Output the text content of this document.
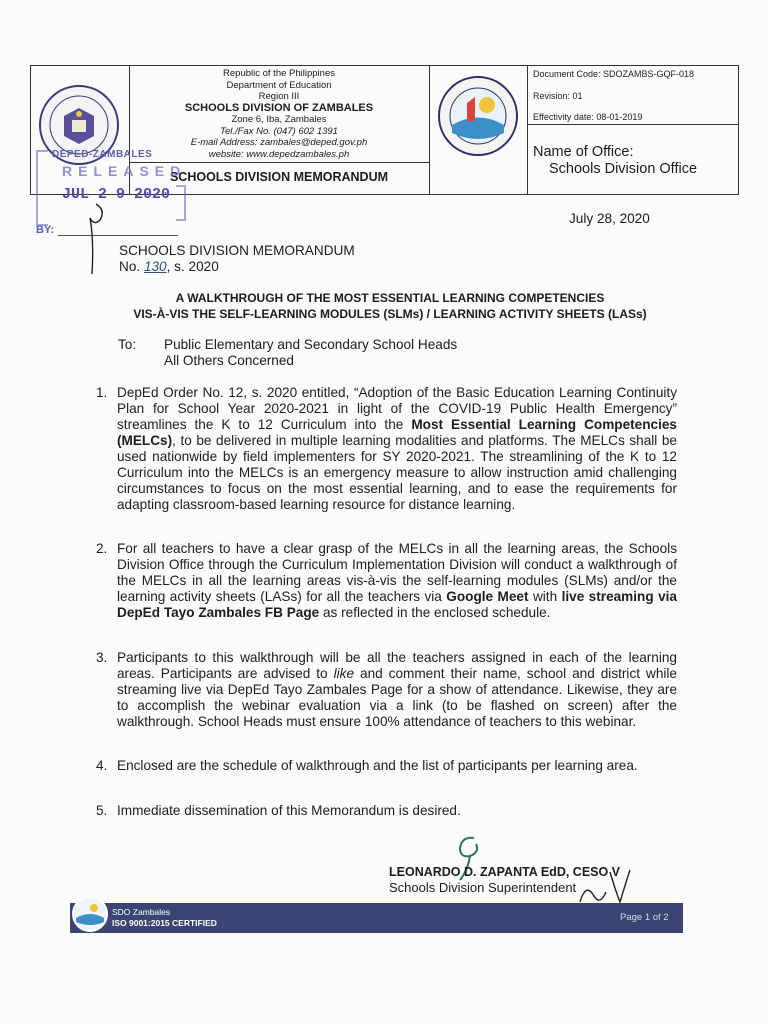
Republic of the Philippines
Department of Education
Region III
SCHOOLS DIVISION OF ZAMBALES
Zone 6, Iba, Zambales
Tel./Fax No. (047) 602 1391
E-mail Address: zambales@deped.gov.ph
website: www.depedzambales.ph
SCHOOLS DIVISION MEMORANDUM
Document Code: SDOZAMBS-GQF-018
Revision: 01
Effectivity date: 08-01-2019
Name of Office:
Schools Division Office
DEPED-ZAMBALES
RELEASED
JUL 2 9 2020
BY:
July 28, 2020
SCHOOLS DIVISION MEMORANDUM
No. 130, s. 2020
A WALKTHROUGH OF THE MOST ESSENTIAL LEARNING COMPETENCIES
VIS-À-VIS THE SELF-LEARNING MODULES (SLMs) / LEARNING ACTIVITY SHEETS (LASs)
To: Public Elementary and Secondary School Heads
All Others Concerned
1. DepEd Order No. 12, s. 2020 entitled, “Adoption of the Basic Education Learning Continuity Plan for School Year 2020-2021 in light of the COVID-19 Public Health Emergency” streamlines the K to 12 Curriculum into the Most Essential Learning Competencies (MELCs), to be delivered in multiple learning modalities and platforms. The MELCs shall be used nationwide by field implementers for SY 2020-2021. The streamlining of the K to 12 Curriculum into the MELCs is an emergency measure to allow instruction amid challenging circumstances to focus on the most essential learning, and to ease the requirements for adapting classroom-based learning resource for distance learning.
2. For all teachers to have a clear grasp of the MELCs in all the learning areas, the Schools Division Office through the Curriculum Implementation Division will conduct a walkthrough of the MELCs in all the learning areas vis-à-vis the self-learning modules (SLMs) and/or the learning activity sheets (LASs) for all the teachers via Google Meet with live streaming via DepEd Tayo Zambales FB Page as reflected in the enclosed schedule.
3. Participants to this walkthrough will be all the teachers assigned in each of the learning areas. Participants are advised to like and comment their name, school and district while streaming live via DepEd Tayo Zambales Page for a show of attendance. Likewise, they are to accomplish the webinar evaluation via a link (to be flashed on screen) after the walkthrough. School Heads must ensure 100% attendance of teachers to this webinar.
4. Enclosed are the schedule of walkthrough and the list of participants per learning area.
5. Immediate dissemination of this Memorandum is desired.
LEONARDO D. ZAPANTA EdD, CESO V
Schools Division Superintendent
SDO Zambales
ISO 9001:2015 CERTIFIED	Page 1 of 2
